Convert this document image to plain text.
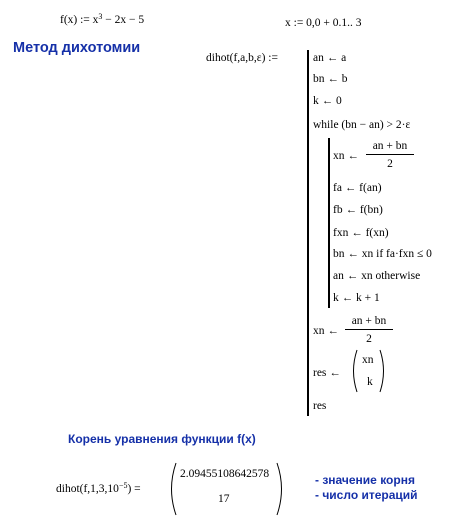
f(x) := $x^3 - 2x - 5$	x := 0,0 + 0.1.. 3
Метод дихотомии
dihot(f,a,b,ε) :=	an ← a
bn ← b
k ← 0
while (bn − an) > 2·ε
xn ←
an + bn
2
fa ← f(an)
fb ← f(bn)
fxn ← f(xn)
bn ← xn if fa·fxn ≤ 0
an ← xn otherwise
k ← k + 1
xn ←
an + bn
2
res ←
xn
k
res
Корень уравнения функции f(x)
$dihot(f,1,3,10^{-5})$ =
2.09455108642578
17
- значение корня
- число итераций
